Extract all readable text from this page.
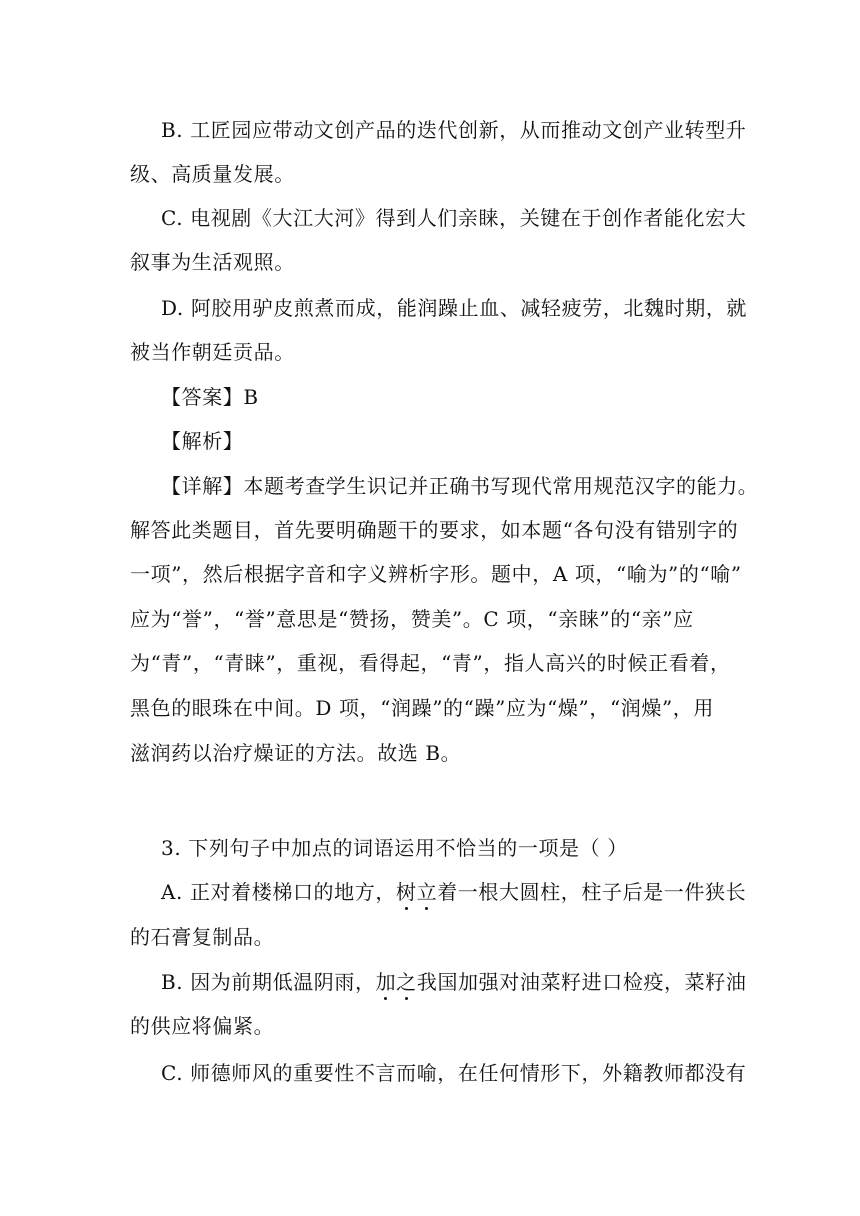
B. 工匠园应带动文创产品的迭代创新，从而推动文创产业转型升
级、高质量发展。
C. 电视剧《大江大河》得到人们亲睐，关键在于创作者能化宏大
叙事为生活观照。
D. 阿胶用驴皮煎煮而成，能润躁止血、减轻疲劳，北魏时期，就
被当作朝廷贡品。
【答案】B
【解析】
【详解】本题考查学生识记并正确书写现代常用规范汉字的能力。
解答此类题目，首先要明确题干的要求，如本题“各句没有错别字的
一项”，然后根据字音和字义辨析字形。题中，A 项，“喻为”的“喻”
应为“誉”，“誉”意思是“赞扬，赞美”。C 项，“亲睐”的“亲”应
为“青”，“青睐”，重视，看得起，“青”，指人高兴的时候正看着，
黑色的眼珠在中间。D 项，“润躁”的“躁”应为“燥”，“润燥”，用
滋润药以治疗燥证的方法。故选 B。
3. 下列句子中加点的词语运用不恰当的一项是（ ）
A. 正对着楼梯口的地方，树立着一根大圆柱，柱子后是一件狭长
的石膏复制品。
B. 因为前期低温阴雨，加之我国加强对油菜籽进口检疫，菜籽油
的供应将偏紧。
C. 师德师风的重要性不言而喻，在任何情形下，外籍教师都没有
